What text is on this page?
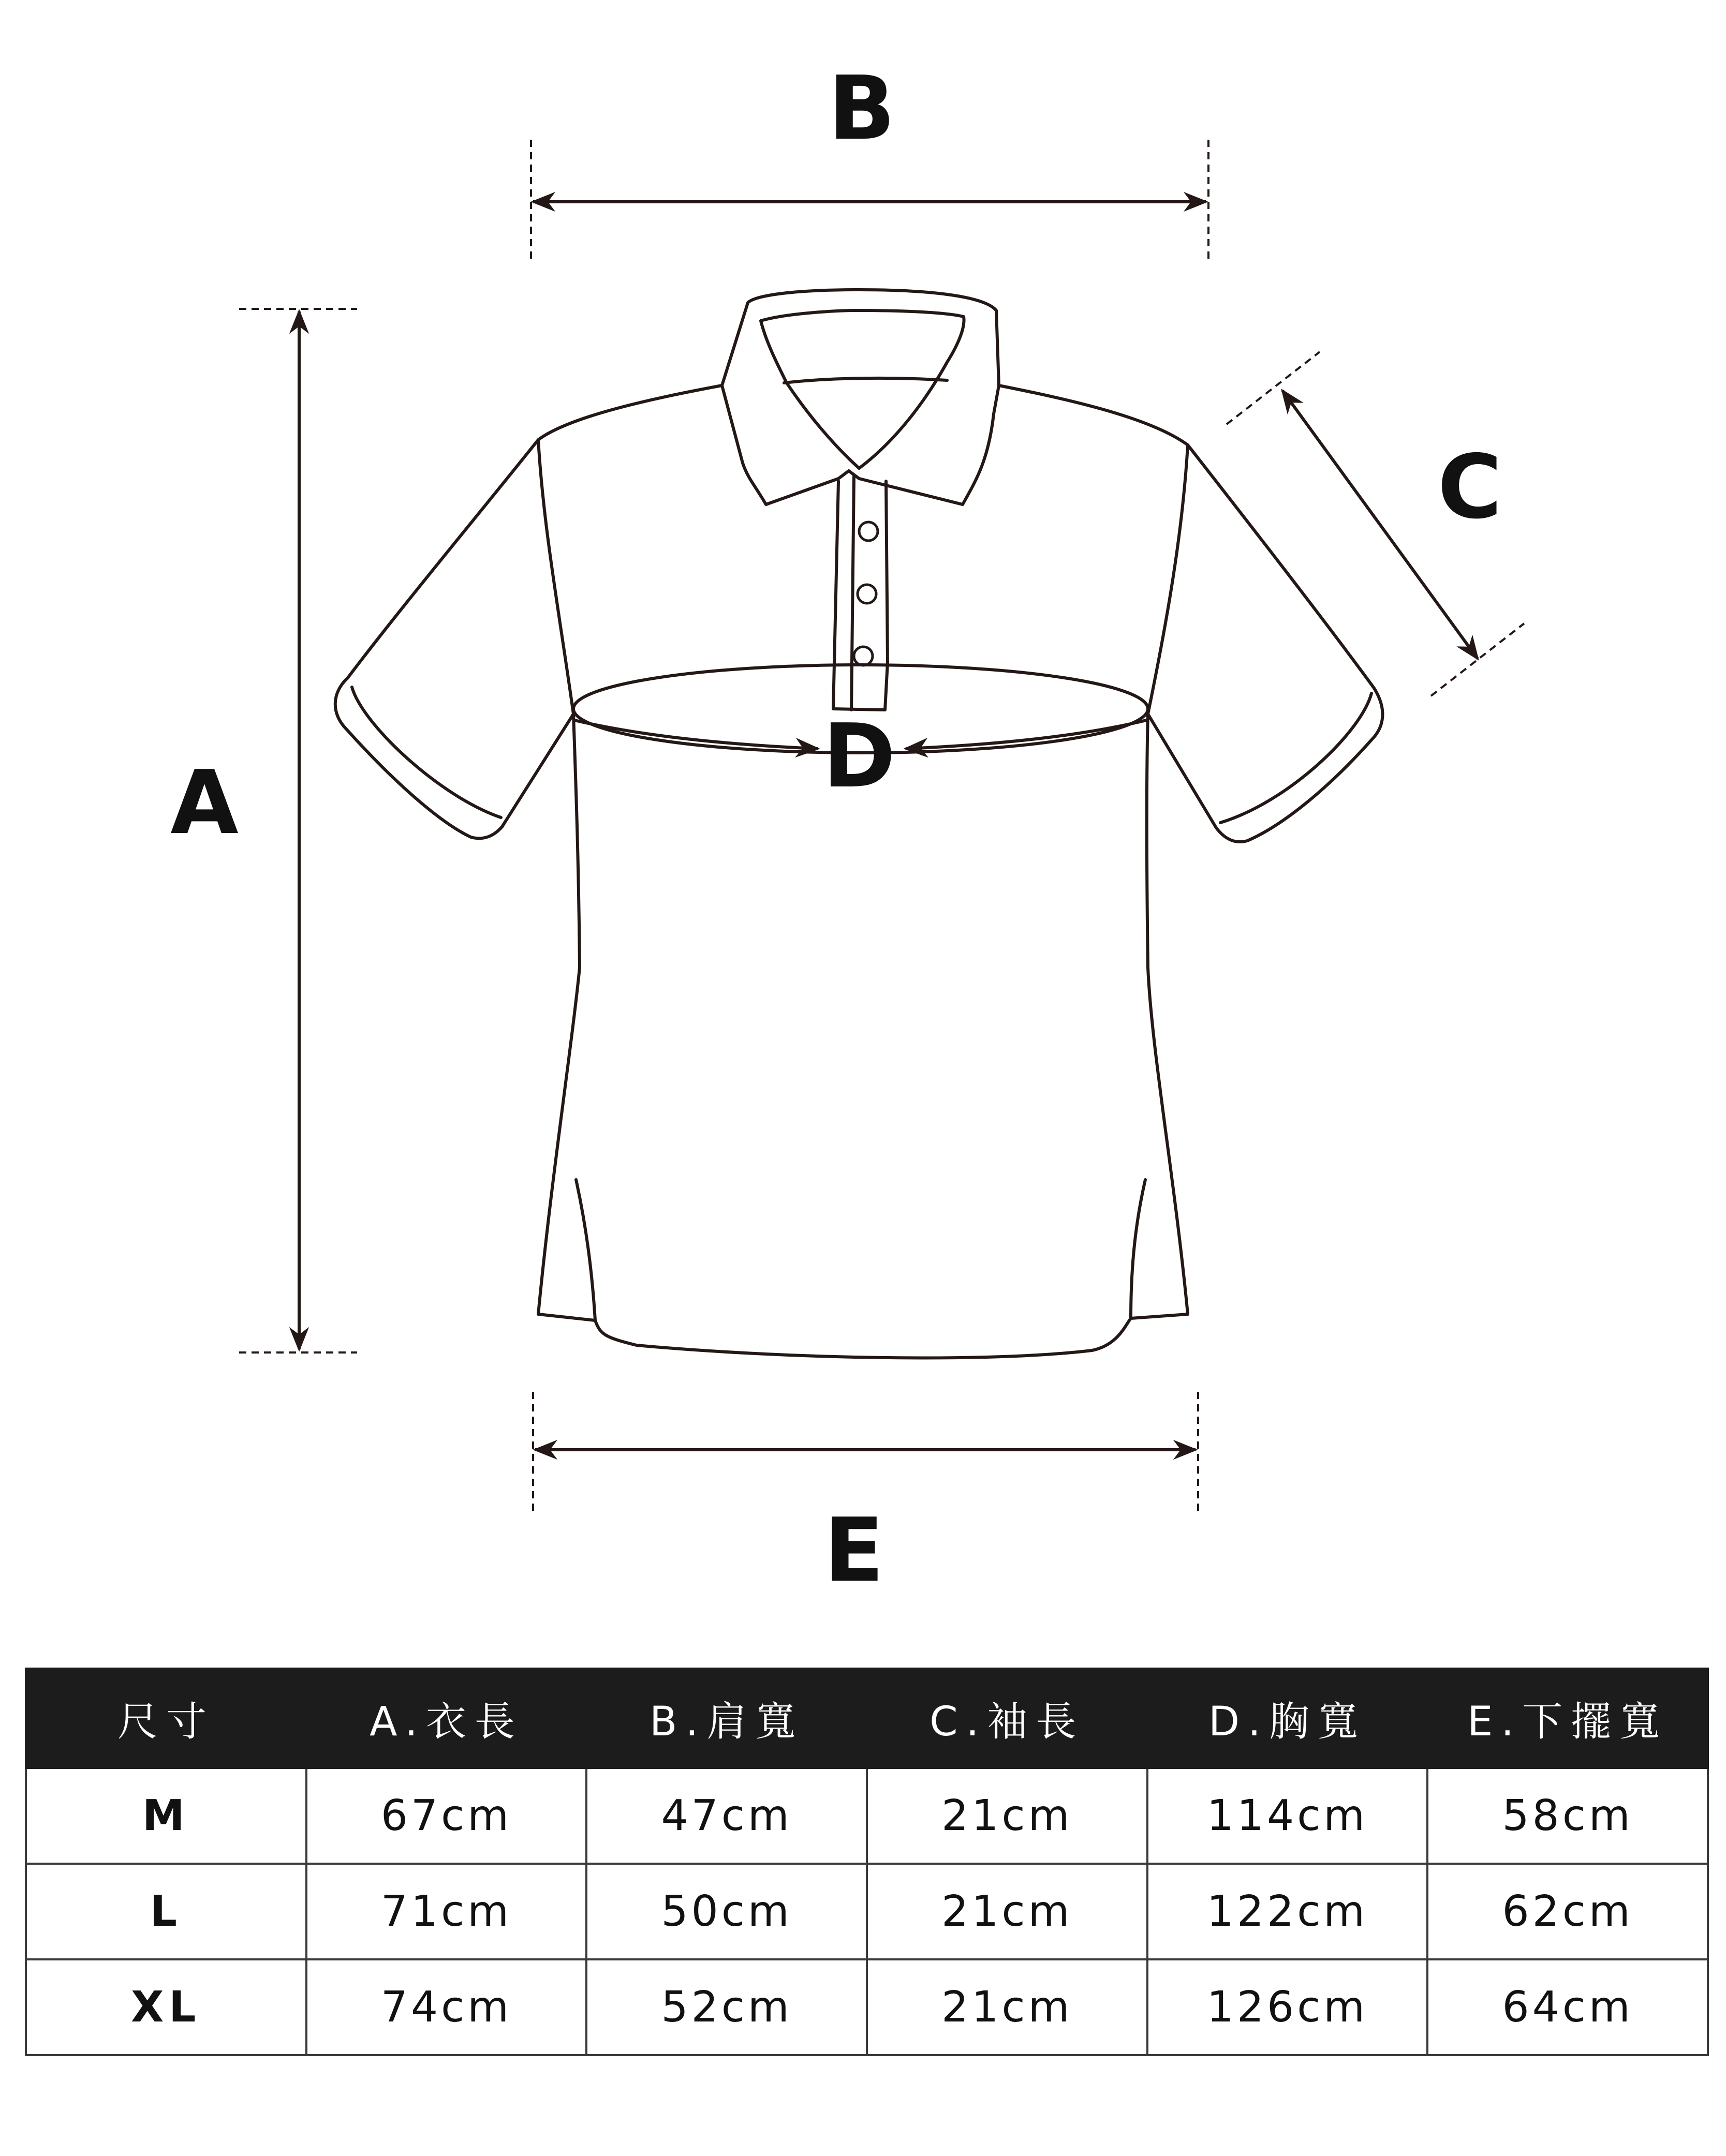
B
A
C
D
E
尺寸	A.衣長	B.肩寬	C.袖長	D.胸寬	E.下擺寬
M	67cm	47cm	21cm	114cm	58cm
L	71cm	50cm	21cm	122cm	62cm
XL	74cm	52cm	21cm	126cm	64cm
